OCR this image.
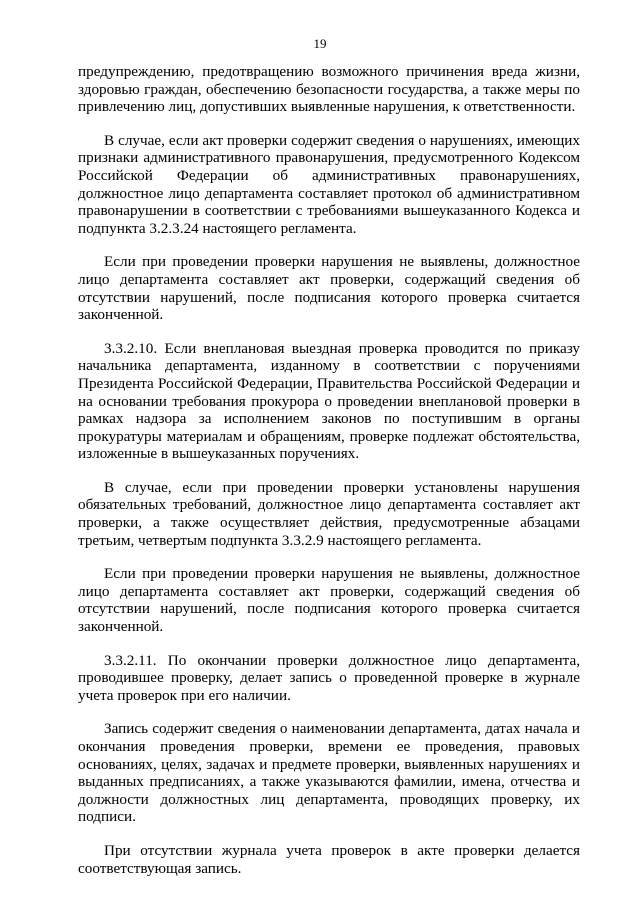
19

предупреждению, предотвращению возможного причинения вреда жизни, здоровью граждан, обеспечению безопасности государства, а также меры по привлечению лиц, допустивших выявленные нарушения, к ответственности.

В случае, если акт проверки содержит сведения о нарушениях, имеющих признаки административного правонарушения, предусмотренного Кодексом Российской Федерации об административных правонарушениях, должностное лицо департамента составляет протокол об административном правонарушении в соответствии с требованиями вышеуказанного Кодекса и подпункта 3.2.3.24 настоящего регламента.

Если при проведении проверки нарушения не выявлены, должностное лицо департамента составляет акт проверки, содержащий сведения об отсутствии нарушений, после подписания которого проверка считается законченной.

3.3.2.10. Если внеплановая выездная проверка проводится по приказу начальника департамента, изданному в соответствии с поручениями Президента Российской Федерации, Правительства Российской Федерации и на основании требования прокурора о проведении внеплановой проверки в рамках надзора за исполнением законов по поступившим в органы прокуратуры материалам и обращениям, проверке подлежат обстоятельства, изложенные в вышеуказанных поручениях.

В случае, если при проведении проверки установлены нарушения обязательных требований, должностное лицо департамента составляет акт проверки, а также осуществляет действия, предусмотренные абзацами третьим, четвертым подпункта 3.3.2.9 настоящего регламента.

Если при проведении проверки нарушения не выявлены, должностное лицо департамента составляет акт проверки, содержащий сведения об отсутствии нарушений, после подписания которого проверка считается законченной.

3.3.2.11. По окончании проверки должностное лицо департамента, проводившее проверку, делает запись о проведенной проверке в журнале учета проверок при его наличии.

Запись содержит сведения о наименовании департамента, датах начала и окончания проведения проверки, времени ее проведения, правовых основаниях, целях, задачах и предмете проверки, выявленных нарушениях и выданных предписаниях, а также указываются фамилии, имена, отчества и должности должностных лиц департамента, проводящих проверку, их подписи.

При отсутствии журнала учета проверок в акте проверки делается соответствующая запись.
